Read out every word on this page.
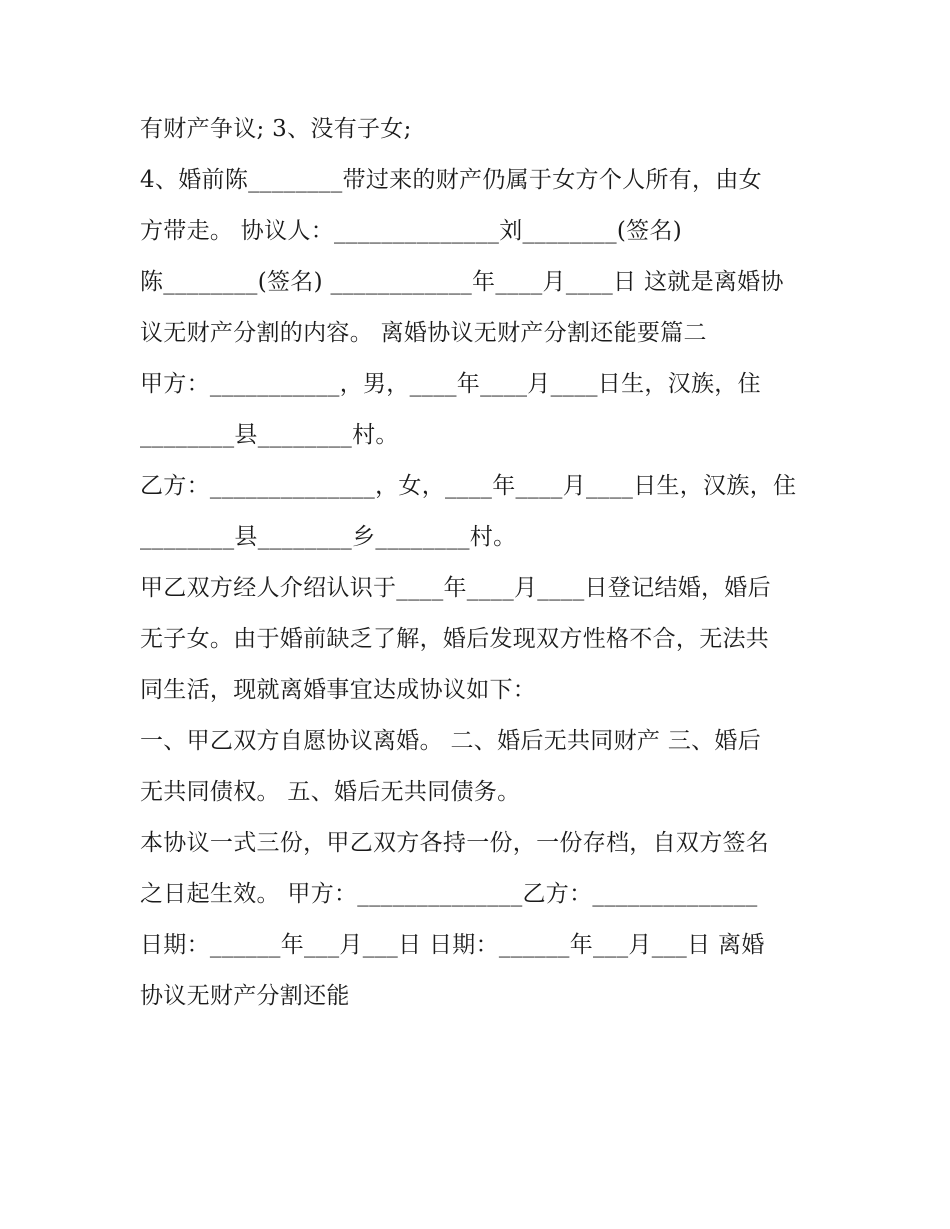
有财产争议; 3、没有子女;
4、婚前陈________带过来的财产仍属于女方个人所有，由女
方带走。 协议人：______________刘________(签名)
陈________(签名) ____________年____月____日 这就是离婚协
议无财产分割的内容。 离婚协议无财产分割还能要篇二
甲方：___________，男，____年____月____日生，汉族，住
________县________村。
乙方：______________，女，____年____月____日生，汉族，住
________县________乡________村。
甲乙双方经人介绍认识于____年____月____日登记结婚，婚后
无子女。由于婚前缺乏了解，婚后发现双方性格不合，无法共
同生活，现就离婚事宜达成协议如下：
一、甲乙双方自愿协议离婚。 二、婚后无共同财产 三、婚后
无共同债权。 五、婚后无共同债务。
本协议一式三份，甲乙双方各持一份，一份存档，自双方签名
之日起生效。 甲方：______________乙方：______________
日期：______年___月___日 日期：______年___月___日 离婚
协议无财产分割还能
